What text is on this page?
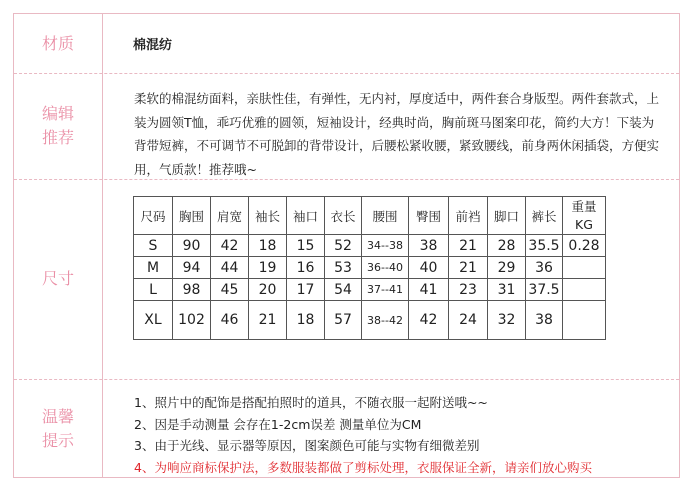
材质	棉混纺
编辑
推荐
柔软的棉混纺面料，亲肤性佳，有弹性，无内衬，厚度适中，两件套合身版型。两件套款式，上装为圆领T恤，乖巧优雅的圆领，短袖设计，经典时尚，胸前斑马图案印花，简约大方！下装为背带短裤，不可调节不可脱卸的背带设计，后腰松紧收腰，紧致腰线，前身两休闲插袋，方便实用，气质款！推荐哦~
尺寸
尺码	胸围	肩宽	袖长	袖口	衣长	腰围	臀围	前裆	脚口	裤长	重量
KG
S	90	42	18	15	52	34--38	38	21	28	35.5	0.28
M	94	44	19	16	53	36--40	40	21	29	36	
L	98	45	20	17	54	37--41	41	23	31	37.5	
XL	102	46	21	18	57	38--42	42	24	32	38	
温馨
提示
1、照片中的配饰是搭配拍照时的道具，不随衣服一起附送哦~~
2、因是手动测量 会存在1-2cm误差 测量单位为CM
3、由于光线、显示器等原因，图案颜色可能与实物有细微差别
4、为响应商标保护法，多数服装都做了剪标处理，衣服保证全新，请亲们放心购买
